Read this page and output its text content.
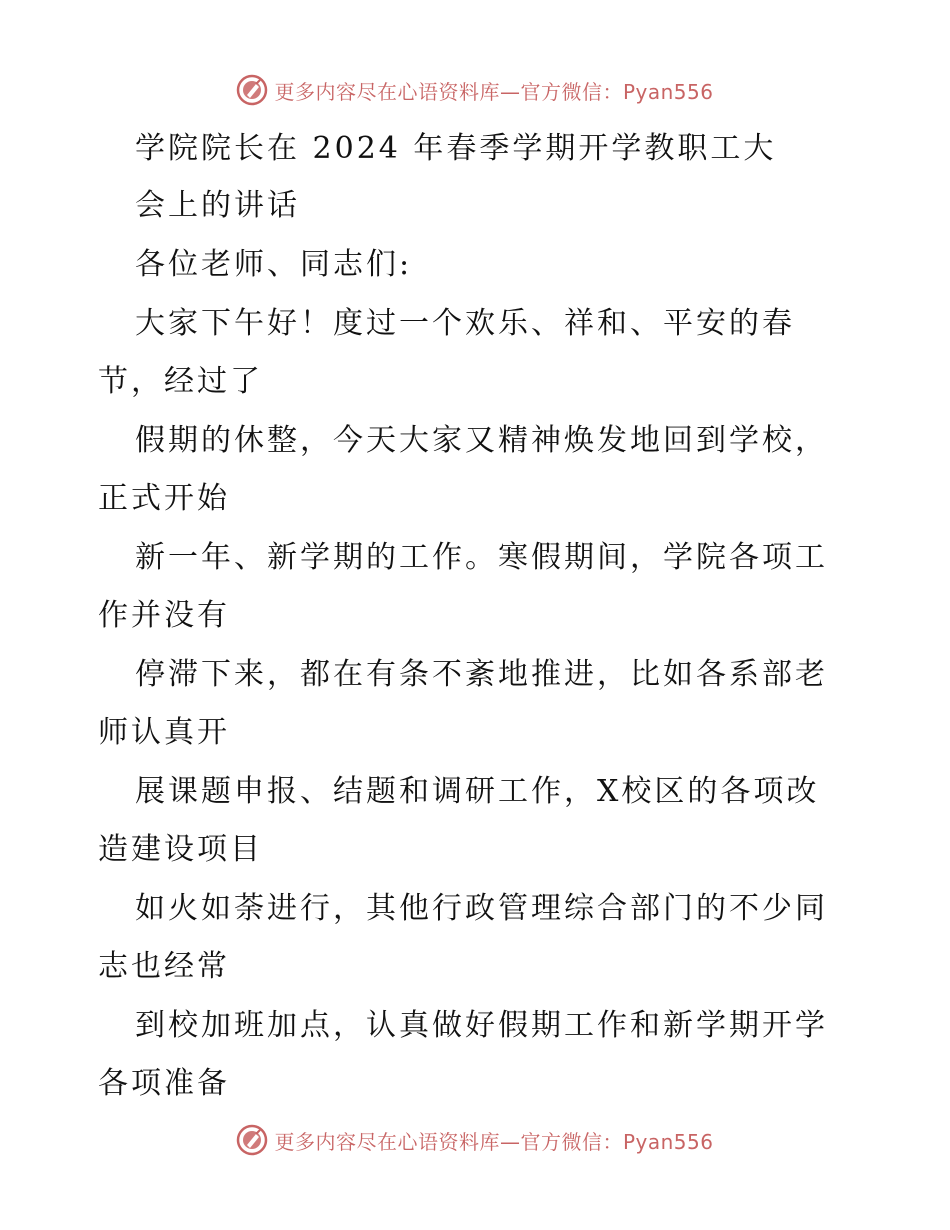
更多内容尽在心语资料库—官方微信：Pyan556
学院院长在 2024 年春季学期开学教职工大
会上的讲话
各位老师、同志们:
大家下午好！度过一个欢乐、祥和、平安的春
节，经过了
假期的休整，今天大家又精神焕发地回到学校，
正式开始
新一年、新学期的工作。寒假期间，学院各项工
作并没有
停滞下来，都在有条不紊地推进，比如各系部老
师认真开
展课题申报、结题和调研工作，X校区的各项改
造建设项目
如火如荼进行，其他行政管理综合部门的不少同
志也经常
到校加班加点，认真做好假期工作和新学期开学
各项准备
更多内容尽在心语资料库—官方微信：Pyan556
